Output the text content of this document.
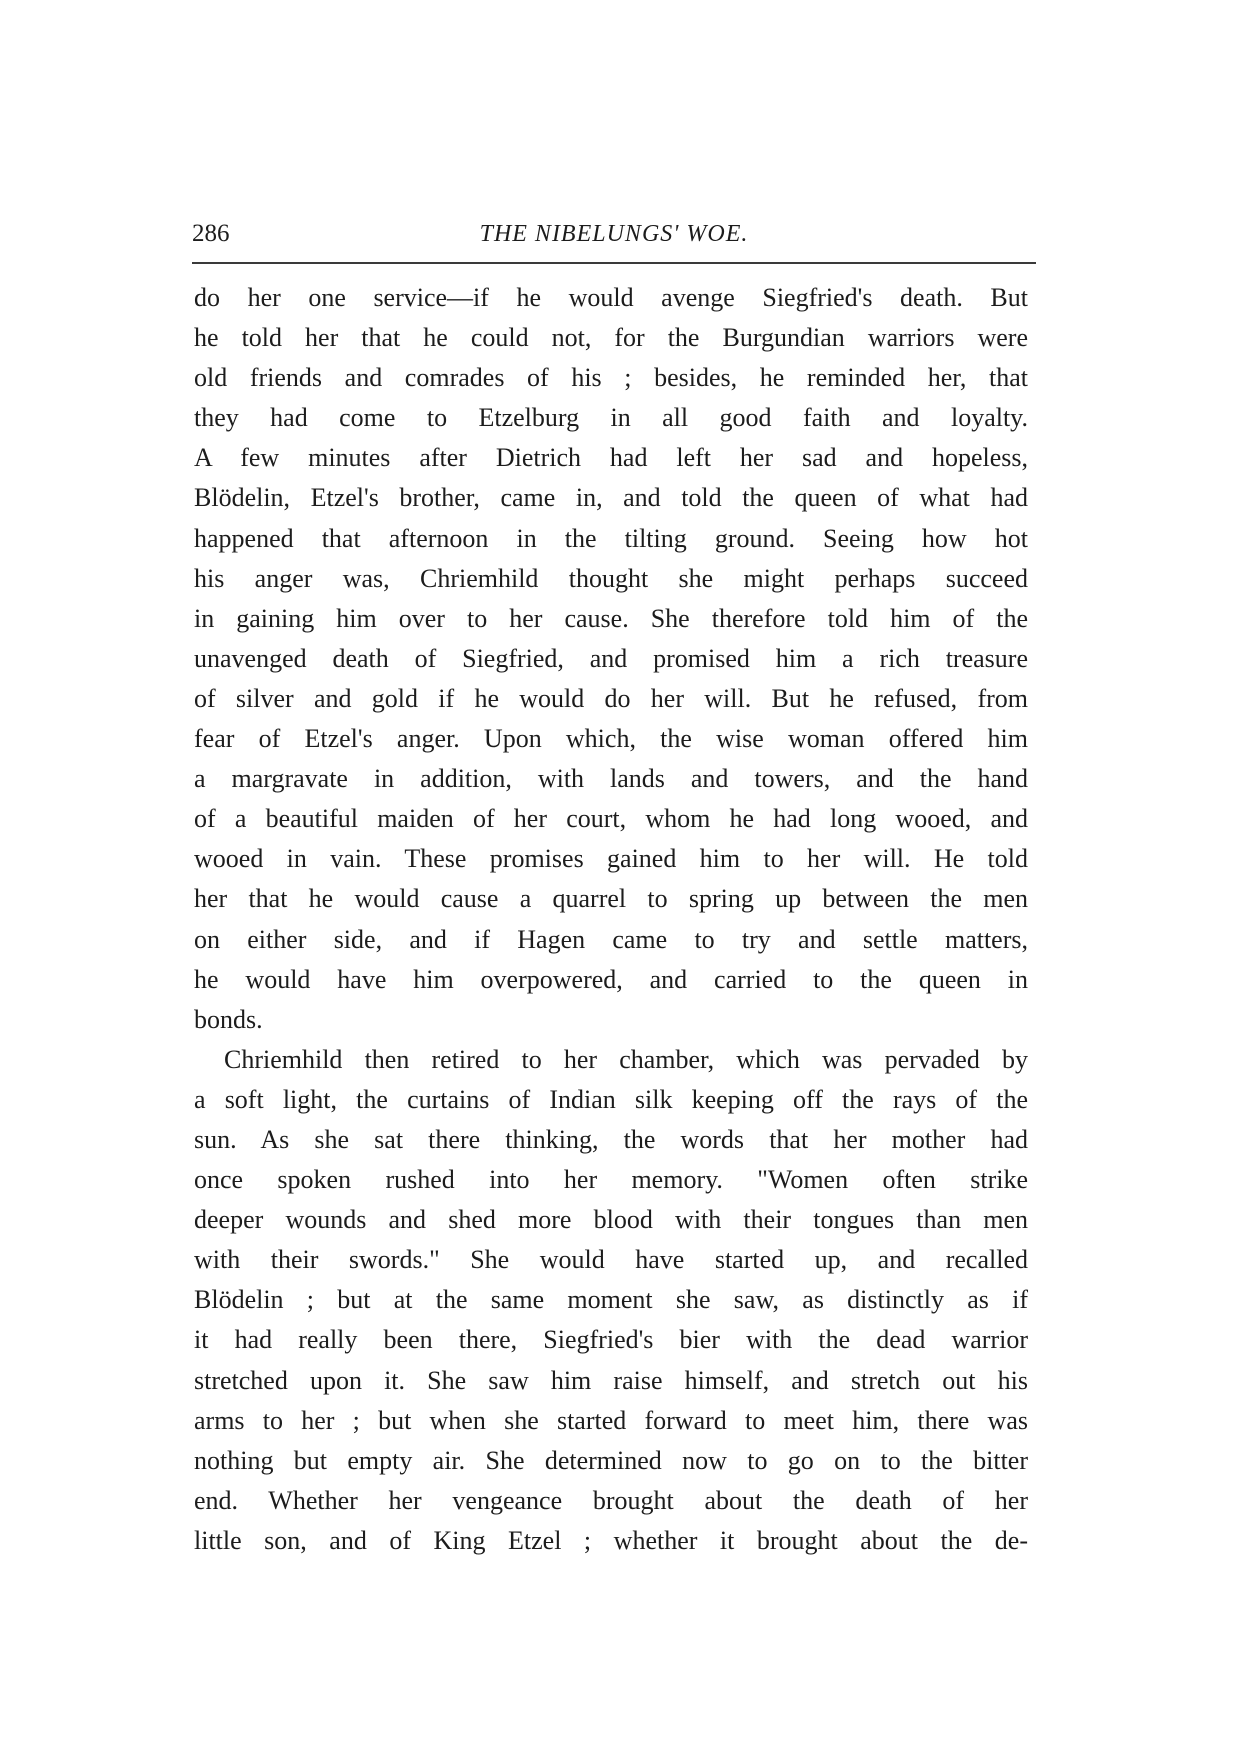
286	THE NIBELUNGS' WOE.
do her one service—if he would avenge Siegfried's death. But
he told her that he could not, for the Burgundian warriors were
old friends and comrades of his ; besides, he reminded her, that
they had come to Etzelburg in all good faith and loyalty.
A few minutes after Dietrich had left her sad and hopeless,
Blödelin, Etzel's brother, came in, and told the queen of what had
happened that afternoon in the tilting ground. Seeing how hot
his anger was, Chriemhild thought she might perhaps succeed
in gaining him over to her cause. She therefore told him of the
unavenged death of Siegfried, and promised him a rich treasure
of silver and gold if he would do her will. But he refused, from
fear of Etzel's anger. Upon which, the wise woman offered him
a margravate in addition, with lands and towers, and the hand
of a beautiful maiden of her court, whom he had long wooed, and
wooed in vain. These promises gained him to her will. He told
her that he would cause a quarrel to spring up between the men
on either side, and if Hagen came to try and settle matters,
he would have him overpowered, and carried to the queen in
bonds.
Chriemhild then retired to her chamber, which was pervaded by
a soft light, the curtains of Indian silk keeping off the rays of the
sun. As she sat there thinking, the words that her mother had
once spoken rushed into her memory. "Women often strike
deeper wounds and shed more blood with their tongues than men
with their swords." She would have started up, and recalled
Blödelin ; but at the same moment she saw, as distinctly as if
it had really been there, Siegfried's bier with the dead warrior
stretched upon it. She saw him raise himself, and stretch out his
arms to her ; but when she started forward to meet him, there was
nothing but empty air. She determined now to go on to the bitter
end. Whether her vengeance brought about the death of her
little son, and of King Etzel ; whether it brought about the de-
